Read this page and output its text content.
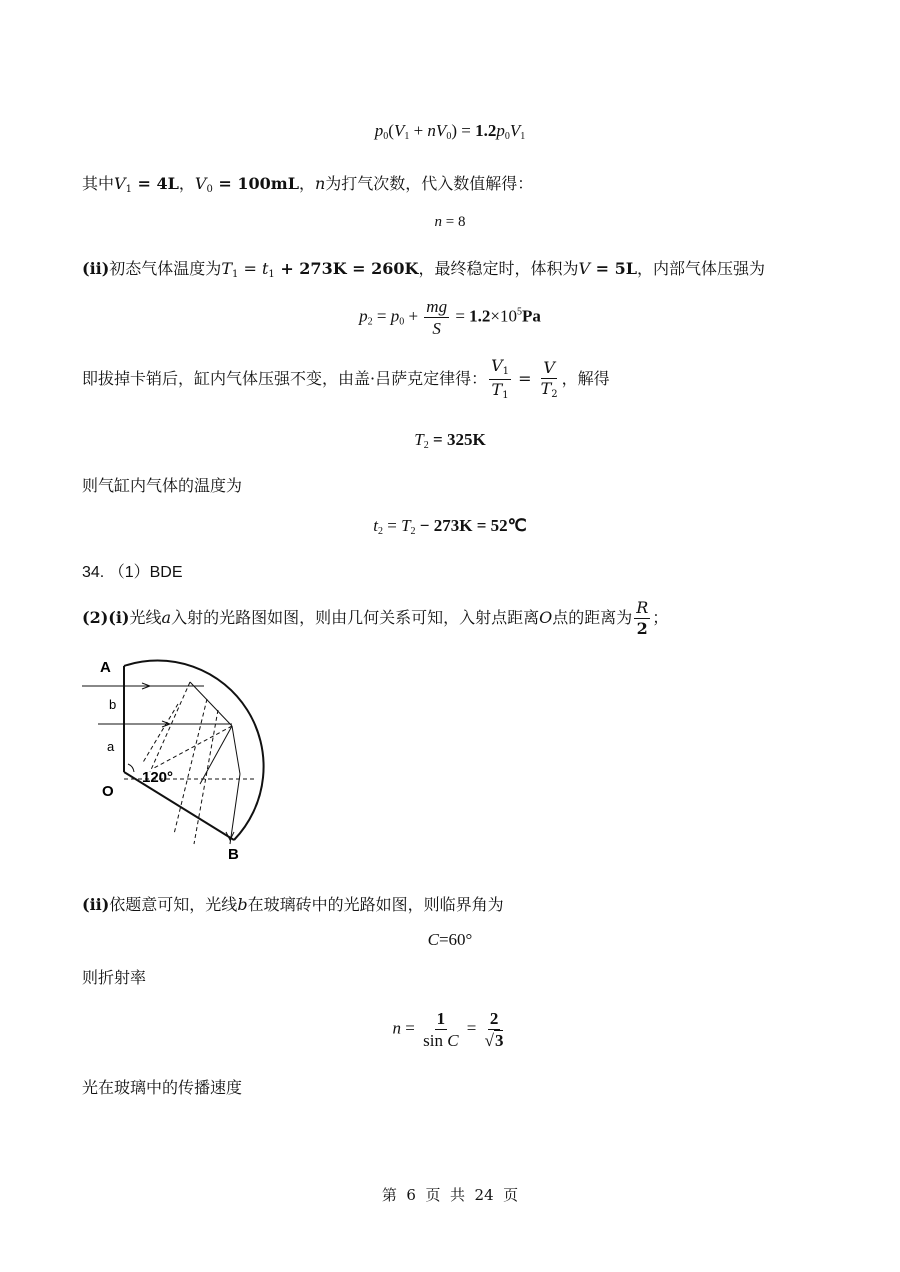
$p_0(V_1 + nV_0) = 1.2p_0V_1$
其中$V_1 = 4L$，$V_0 = 100mL$，n为打气次数，代入数值解得：
n = 8
(ii)初态气体温度为$T_1 = t_1 + 273K = 260K$，最终稳定时，体积为V = 5L，内部气体压强为
$p_2 = p_0 + \frac{mg}{S} = 1.2\times 10^5Pa$
即拔掉卡销后，缸内气体压强不变，由盖·吕萨克定律得： $\frac{V_1}{T_1} = \frac{V}{T_2}$ ，解得
$T_2 = 325K$
则气缸内气体的温度为
$t_2 = T_2 - 273K$ = 52℃
34. （1）BDE
(2)(i)光线a入射的光路图如图，则由几何关系可知，入射点距离O点的距离为 $\frac{R}{2}$ ；
A
b
a
O
B
120°
(ii)依题意可知，光线b在玻璃砖中的光路如图，则临界角为
C=60°
则折射率
$n = \frac{1}{\text{sin C}} = \frac{2}{√3}$
光在玻璃中的传播速度
第  6  页  共  24  页
